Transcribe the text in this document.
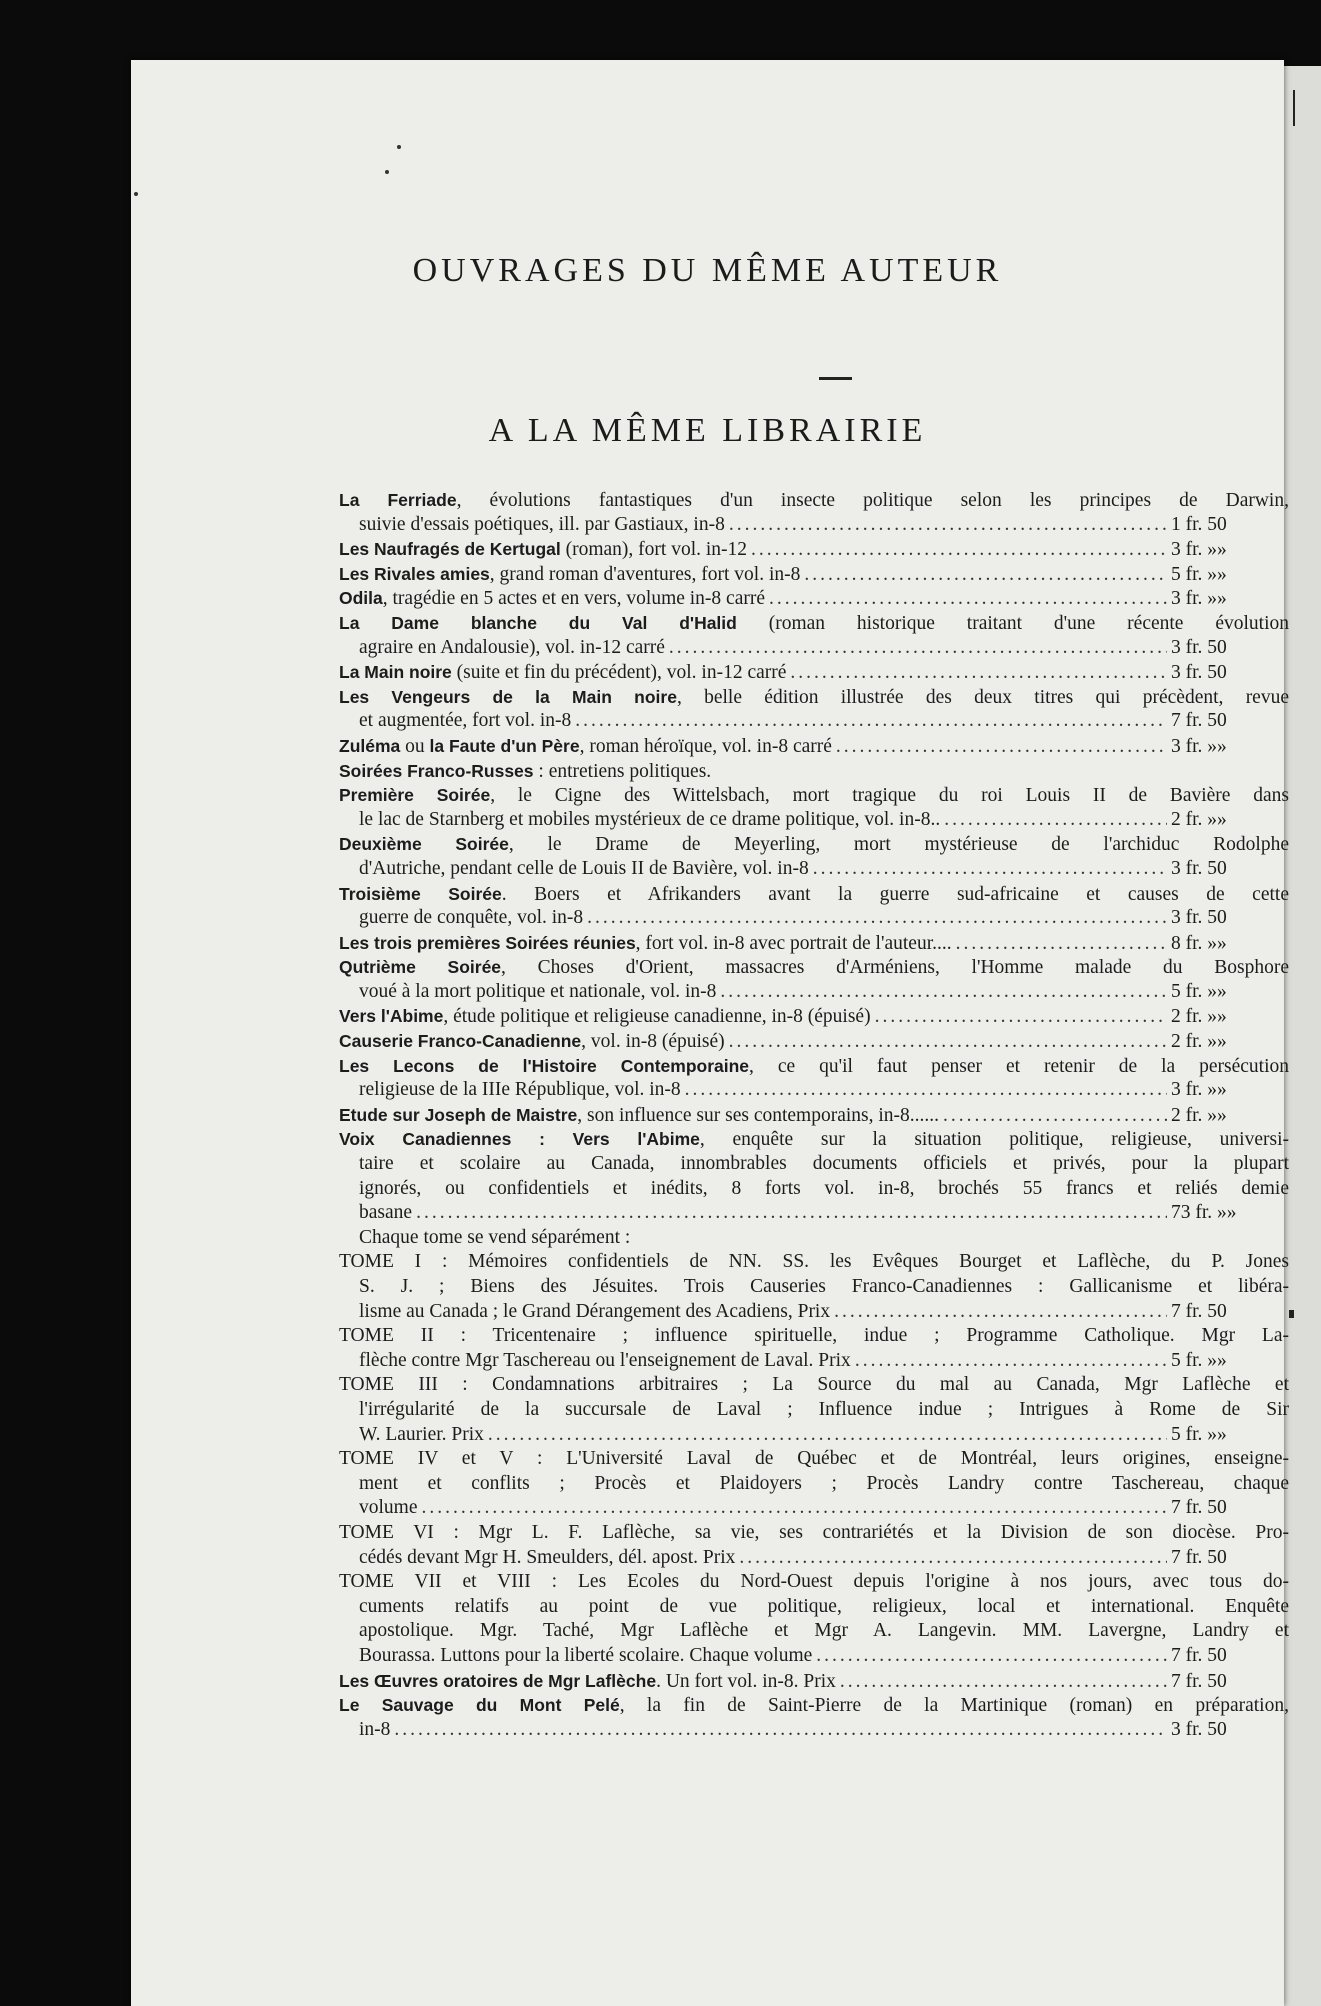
OUVRAGES DU MÊME AUTEUR
A LA MÊME LIBRAIRIE
La Ferriade, évolutions fantastiques d'un insecte politique selon les principes de Darwin,
suivie d'essais poétiques, ill. par Gastiaux, in-8 .....	1 fr. 50
Les Naufragés de Kertugal (roman), fort vol. in-12 .....	3 fr. »»
Les Rivales amies, grand roman d'aventures, fort vol. in-8 .....	5 fr. »»
Odila, tragédie en 5 actes et en vers, volume in-8 carré .....	3 fr. »»
La Dame blanche du Val d'Halid (roman historique traitant d'une récente évolution
agraire en Andalousie), vol. in-12 carré .....	3 fr. 50
La Main noire (suite et fin du précédent), vol. in-12 carré .....	3 fr. 50
Les Vengeurs de la Main noire, belle édition illustrée des deux titres qui précèdent, revue
et augmentée, fort vol. in-8 .....	7 fr. 50
Zuléma ou la Faute d'un Père, roman héroïque, vol. in-8 carré .....	3 fr. »»
Soirées Franco-Russes : entretiens politiques.
Première Soirée, le Cigne des Wittelsbach, mort tragique du roi Louis II de Bavière dans
le lac de Starnberg et mobiles mystérieux de ce drame politique, vol. in-8.. .....	2 fr. »»
Deuxième Soirée, le Drame de Meyerling, mort mystérieuse de l'archiduc Rodolphe
d'Autriche, pendant celle de Louis II de Bavière, vol. in-8 .....	3 fr. 50
Troisième Soirée. Boers et Afrikanders avant la guerre sud-africaine et causes de cette
guerre de conquête, vol. in-8 .....	3 fr. 50
Les trois premières Soirées réunies, fort vol. in-8 avec portrait de l'auteur.... .....	8 fr. »»
Qutrième Soirée, Choses d'Orient, massacres d'Arméniens, l'Homme malade du Bosphore
voué à la mort politique et nationale, vol. in-8 .....	5 fr. »»
Vers l'Abime, étude politique et religieuse canadienne, in-8 (épuisé) .....	2 fr. »»
Causerie Franco-Canadienne, vol. in-8 (épuisé) .....	2 fr. »»
Les Lecons de l'Histoire Contemporaine, ce qu'il faut penser et retenir de la persécution
religieuse de la IIIe République, vol. in-8 .....	3 fr. »»
Etude sur Joseph de Maistre, son influence sur ses contemporains, in-8...... .....	2 fr. »»
Voix Canadiennes : Vers l'Abime, enquête sur la situation politique, religieuse, universi-
taire et scolaire au Canada, innombrables documents officiels et privés, pour la plupart
ignorés, ou confidentiels et inédits, 8 forts vol. in-8, brochés 55 francs et reliés demie
basane .....	73 fr. »»
Chaque tome se vend séparément :
TOME I : Mémoires confidentiels de NN. SS. les Evêques Bourget et Laflèche, du P. Jones
S. J. ; Biens des Jésuites. Trois Causeries Franco-Canadiennes : Gallicanisme et libéra-
lisme au Canada ; le Grand Dérangement des Acadiens, Prix .....	7 fr. 50
TOME II : Tricentenaire ; influence spirituelle, indue ; Programme Catholique. Mgr La-
flèche contre Mgr Taschereau ou l'enseignement de Laval. Prix .....	5 fr. »»
TOME III : Condamnations arbitraires ; La Source du mal au Canada, Mgr Laflèche et
l'irrégularité de la succursale de Laval ; Influence indue ; Intrigues à Rome de Sir
W. Laurier. Prix .....	5 fr. »»
TOME IV et V : L'Université Laval de Québec et de Montréal, leurs origines, enseigne-
ment et conflits ; Procès et Plaidoyers ; Procès Landry contre Taschereau, chaque
volume .....	7 fr. 50
TOME VI : Mgr L. F. Laflèche, sa vie, ses contrariétés et la Division de son diocèse. Pro-
cédés devant Mgr H. Smeulders, dél. apost. Prix .....	7 fr. 50
TOME VII et VIII : Les Ecoles du Nord-Ouest depuis l'origine à nos jours, avec tous do-
cuments relatifs au point de vue politique, religieux, local et international. Enquête
apostolique. Mgr. Taché, Mgr Laflèche et Mgr A. Langevin. MM. Lavergne, Landry et
Bourassa. Luttons pour la liberté scolaire. Chaque volume .....	7 fr. 50
Les Œuvres oratoires de Mgr Laflèche. Un fort vol. in-8. Prix .....	7 fr. 50
Le Sauvage du Mont Pelé, la fin de Saint-Pierre de la Martinique (roman) en préparation,
in-8 .....	3 fr. 50
